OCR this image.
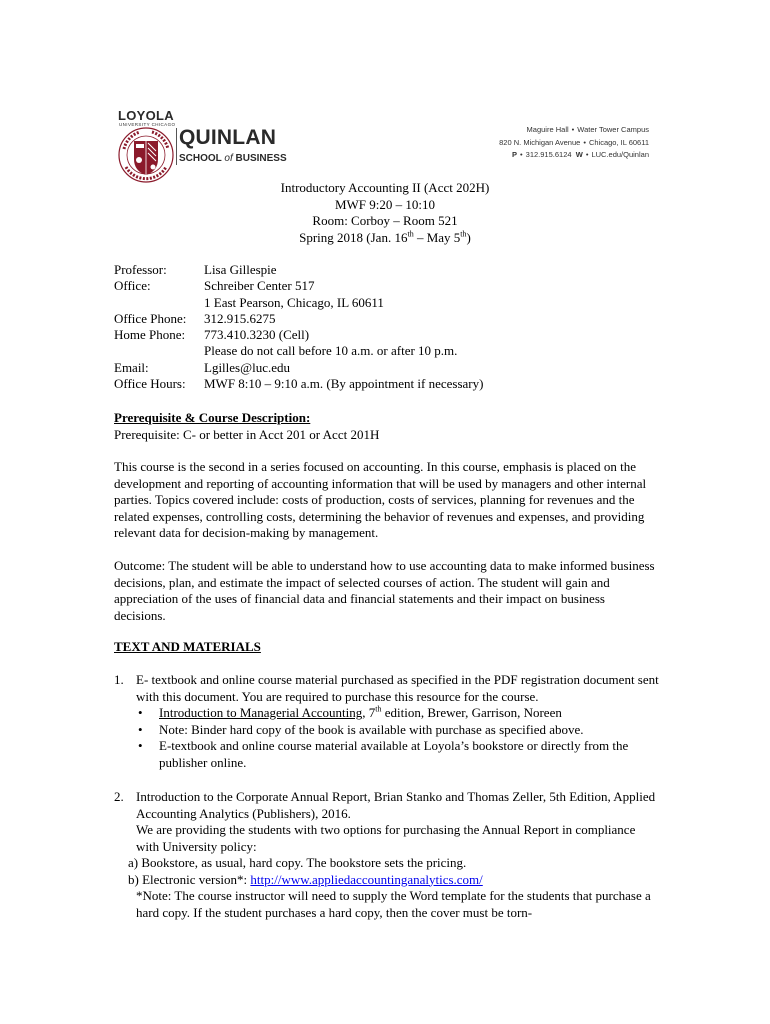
LOYOLA
UNIVERSITY CHICAGO
QUINLAN
SCHOOL of BUSINESS
Maguire Hall • Water Tower Campus
820 N. Michigan Avenue • Chicago, IL 60611
P • 312.915.6124 W • LUC.edu/Quinlan
Introductory Accounting II (Acct 202H)
MWF 9:20 – 10:10
Room: Corboy – Room 521
Spring 2018 (Jan. 16th – May 5th)
Professor:	Lisa Gillespie
Office:	Schreiber Center 517
1 East Pearson, Chicago, IL 60611
Office Phone:	312.915.6275
Home Phone:	773.410.3230 (Cell)
Please do not call before 10 a.m. or after 10 p.m.
Email:	Lgilles@luc.edu
Office Hours:	MWF 8:10 – 9:10 a.m. (By appointment if necessary)
Prerequisite & Course Description:
Prerequisite: C- or better in Acct 201 or Acct 201H
This course is the second in a series focused on accounting. In this course, emphasis is placed on the development and reporting of accounting information that will be used by managers and other internal parties. Topics covered include: costs of production, costs of services, planning for revenues and the related expenses, controlling costs, determining the behavior of revenues and expenses, and providing relevant data for decision-making by management.
Outcome: The student will be able to understand how to use accounting data to make informed business decisions, plan, and estimate the impact of selected courses of action. The student will gain and appreciation of the uses of financial data and financial statements and their impact on business decisions.
TEXT AND MATERIALS
1. E- textbook and online course material purchased as specified in the PDF registration document sent with this document. You are required to purchase this resource for the course.
• Introduction to Managerial Accounting, 7th edition, Brewer, Garrison, Noreen
• Note: Binder hard copy of the book is available with purchase as specified above.
• E-textbook and online course material available at Loyola’s bookstore or directly from the publisher online.
2. Introduction to the Corporate Annual Report, Brian Stanko and Thomas Zeller, 5th Edition, Applied Accounting Analytics (Publishers), 2016.
We are providing the students with two options for purchasing the Annual Report in compliance with University policy:
a) Bookstore, as usual, hard copy. The bookstore sets the pricing.
b) Electronic version*: http://www.appliedaccountinganalytics.com/
*Note: The course instructor will need to supply the Word template for the students that purchase a hard copy. If the student purchases a hard copy, then the cover must be torn-
